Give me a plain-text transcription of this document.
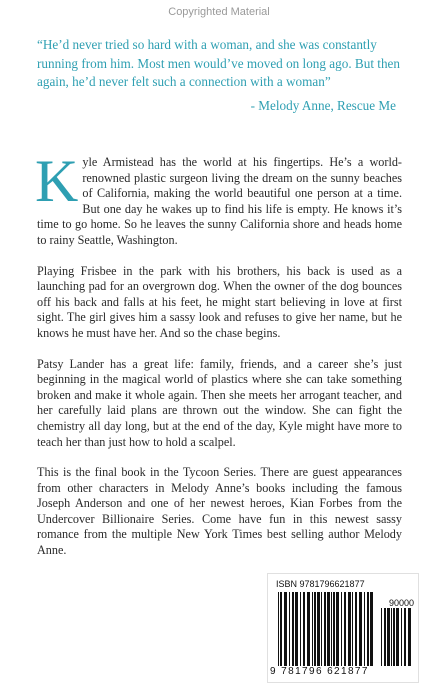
Copyrighted Material

“He’d never tried so hard with a woman, and she was constantly running from him. Most men would’ve moved on long ago. But then again, he’d never felt such a connection with a woman”

- Melody Anne, Rescue Me

Kyle Armistead has the world at his fingertips. He’s a world-renowned plastic surgeon living the dream on the sunny beaches of California, making the world beautiful one person at a time. But one day he wakes up to find his life is empty. He knows it’s time to go home. So he leaves the sunny California shore and heads home to rainy Seattle, Washington.

Playing Frisbee in the park with his brothers, his back is used as a launching pad for an overgrown dog. When the owner of the dog bounces off his back and falls at his feet, he might start believing in love at first sight. The girl gives him a sassy look and refuses to give her name, but he knows he must have her. And so the chase begins.

Patsy Lander has a great life: family, friends, and a career she’s just beginning in the magical world of plastics where she can take something broken and make it whole again. Then she meets her arrogant teacher, and her carefully laid plans are thrown out the window. She can fight the chemistry all day long, but at the end of the day, Kyle might have more to teach her than just how to hold a scalpel.

This is the final book in the Tycoon Series. There are guest appearances from other characters in Melody Anne’s books including the famous Joseph Anderson and one of her newest heroes, Kian Forbes from the Undercover Billionaire Series. Come have fun in this newest sassy romance from the multiple New York Times best selling author Melody Anne.

ISBN 9781796621877
90000
9 781796 621877
